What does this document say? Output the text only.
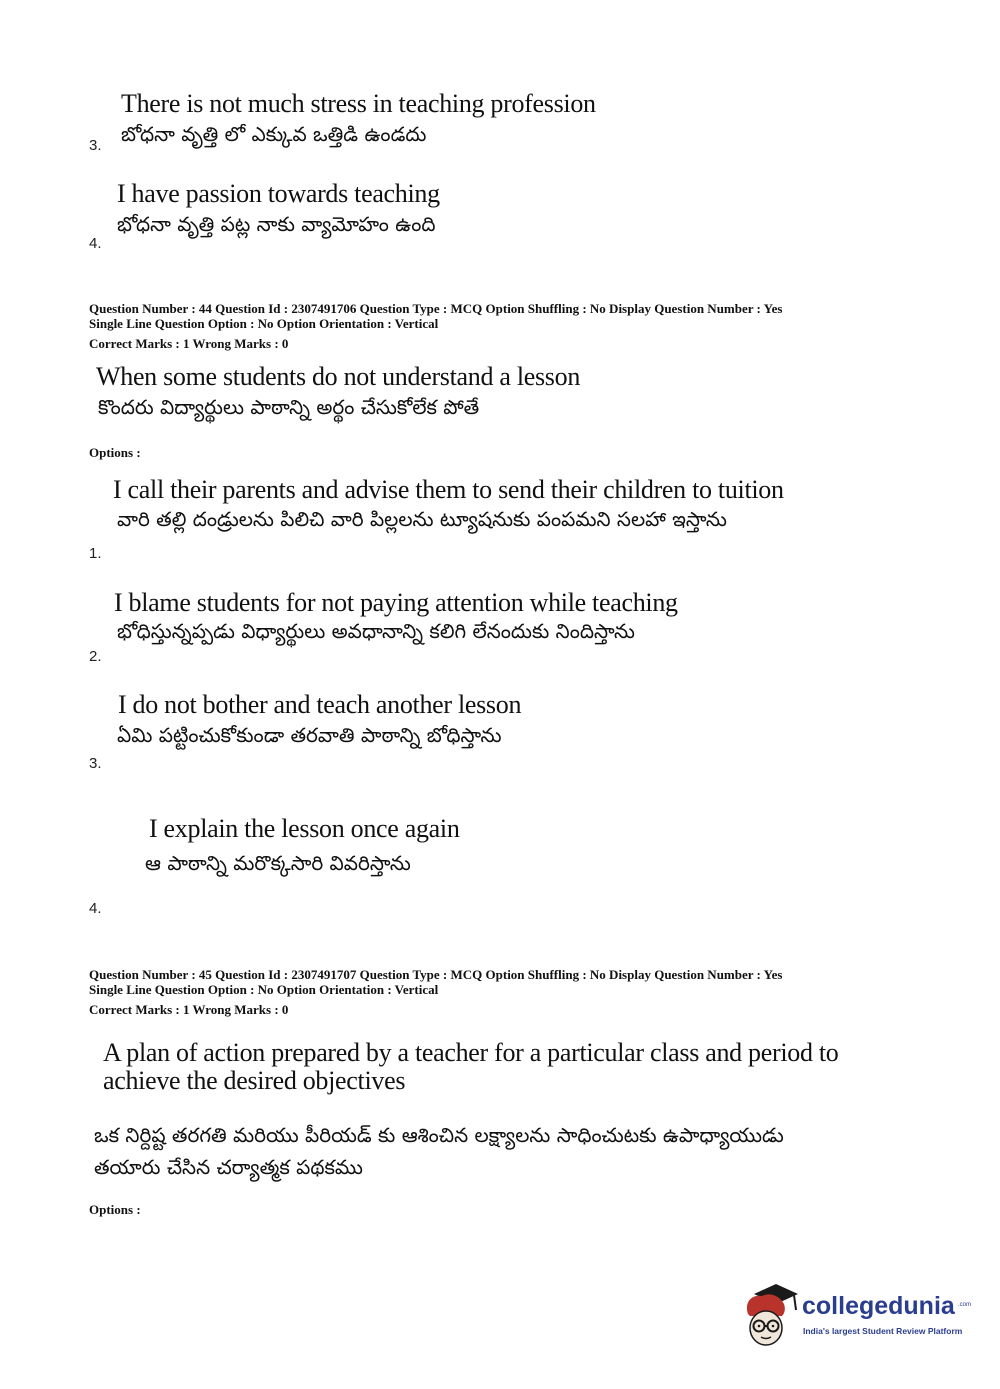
There is not much stress in teaching profession
బోధనా వృత్తి లో ఎక్కువ ఒత్తిడి ఉండదు
3.
I have passion towards teaching
భోధనా వృత్తి పట్ల నాకు వ్యామోహం ఉంది
4.
Question Number : 44 Question Id : 2307491706 Question Type : MCQ Option Shuffling : No Display Question Number : Yes
Single Line Question Option : No Option Orientation : Vertical
Correct Marks : 1 Wrong Marks : 0
When some students do not understand a lesson
కొందరు విద్యార్థులు పాఠాన్ని అర్థం చేసుకోలేక పోతే
Options :
I call their parents and advise them to send their children to tuition
వారి తల్లి దండ్రులను పిలిచి వారి పిల్లలను ట్యూషనుకు పంపమని సలహా ఇస్తాను
1.
I blame students for not paying attention while teaching
భోధిస్తున్నప్పడు విధ్యార్థులు అవధానాన్ని కలిగి లేనందుకు నిందిస్తాను
2.
I do not bother and teach another lesson
ఏమి పట్టించుకోకుండా తరవాతి పాఠాన్ని బోధిస్తాను
3.
I explain the lesson once again
ఆ పాఠాన్ని మరొక్కసారి వివరిస్తాను
4.
Question Number : 45 Question Id : 2307491707 Question Type : MCQ Option Shuffling : No Display Question Number : Yes
Single Line Question Option : No Option Orientation : Vertical
Correct Marks : 1 Wrong Marks : 0
A plan of action prepared by a teacher for a particular class and period to
achieve the desired objectives
ఒక నిర్దిష్ట తరగతి మరియు పీరియడ్ కు ఆశించిన లక్ష్యాలను సాధించుటకు ఉపాధ్యాయుడు
తయారు చేసిన చర్యాత్మక పథకము
Options :
collegedunia .com
India's largest Student Review Platform
